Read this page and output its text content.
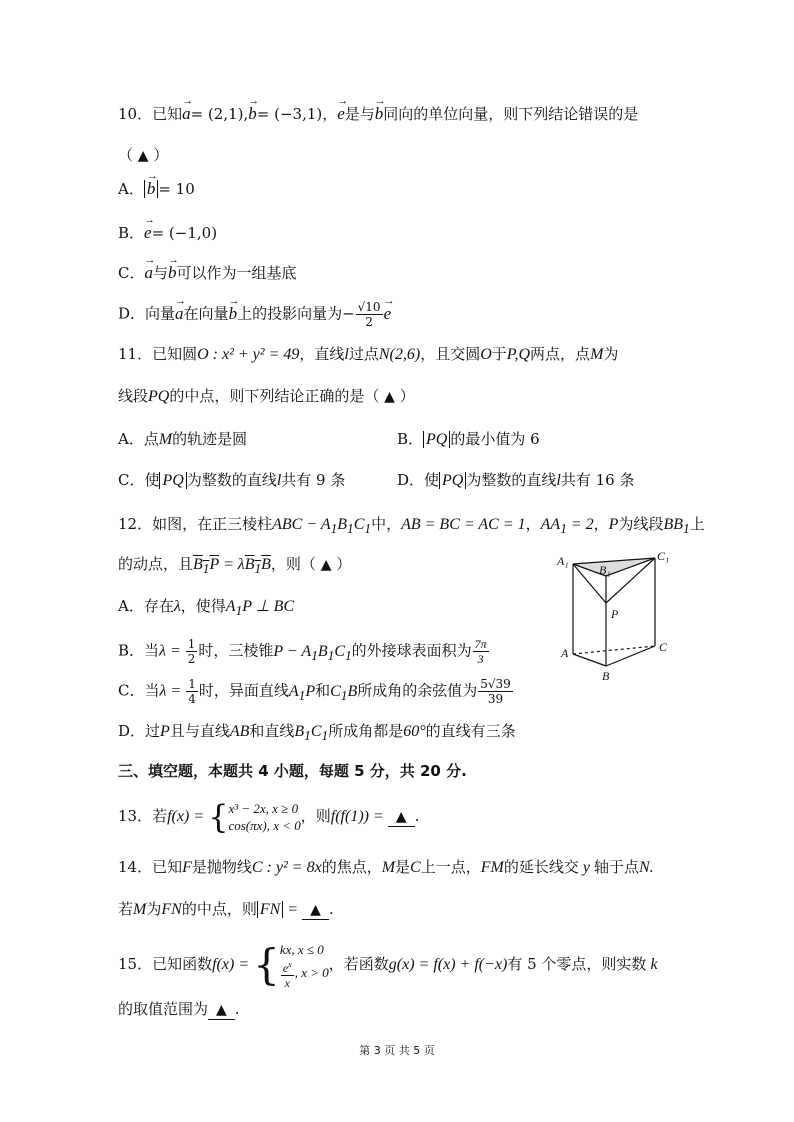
10．已知→ a= (2,1),→ b= (−3,1)，→ e是与→ b同向的单位向量，则下列结论错误的是
（ ▲ ）
A． → b = 10
B．→ e= (−1,0)
C．→ a与→ b可以作为一组基底
D．向量→ a在向量→ b上的投影向量为− $\frac{√10}{2} \to e$
11．已知圆O : x² + y² = 49，直线l过点N(2,6)，且交圆O于P,Q两点，点M为
线段PQ的中点，则下列结论正确的是（ ▲ ）
A．点M的轨迹是圆	B． PQ 的最小值为 6
C．使 PQ 为整数的直线l共有 9 条	D．使 PQ 为整数的直线l共有 16 条
12．如图，在正三棱柱ABC − $A_1B_1C_1$中，AB = BC = AC = 1，$AA_1 = 2$，P为线段$BB_1$上
的动点，且$B_1P = \lambda B_1B$，则（ ▲ ）
A．存在λ，使得$A_1P$ ⊥ BC
B．当$\lambda = \frac{1}{2}$ 时，三棱锥$P - A_1B_1C_1$的外接球表面积为 $\frac{7\pi}{3}$
C．当$\lambda = \frac{1}{4}$ 时，异面直线$A_1P$和$C_1B$所成角的余弦值为 $\frac{5√39}{39}$
D．过P且与直线AB和直线$B_1C_1$所成角都是60°的直线有三条
A₁
B₁
C₁
P
A
B
C
三、填空题，本题共 4 小题，每题 5 分，共 20 分.
13．若f(x) = { x³ − 2x, x ≥ 0
cos(πx), x < 0
，则f(f(1)) = ▲ .
14．已知F是抛物线C : y² = 8x的焦点，M是C上一点，FM的延长线交 y 轴于点N.
若M为FN的中点，则 FN = ▲ .
15．已知函数f(x) = { kx, x ≤ 0
$\frac{e^x}{x}$ , x > 0 ，若函数g(x) = f(x) + f(−x)有 5 个零点，则实数 k
的取值范围为 ▲ .
第 3 页 共 5 页
